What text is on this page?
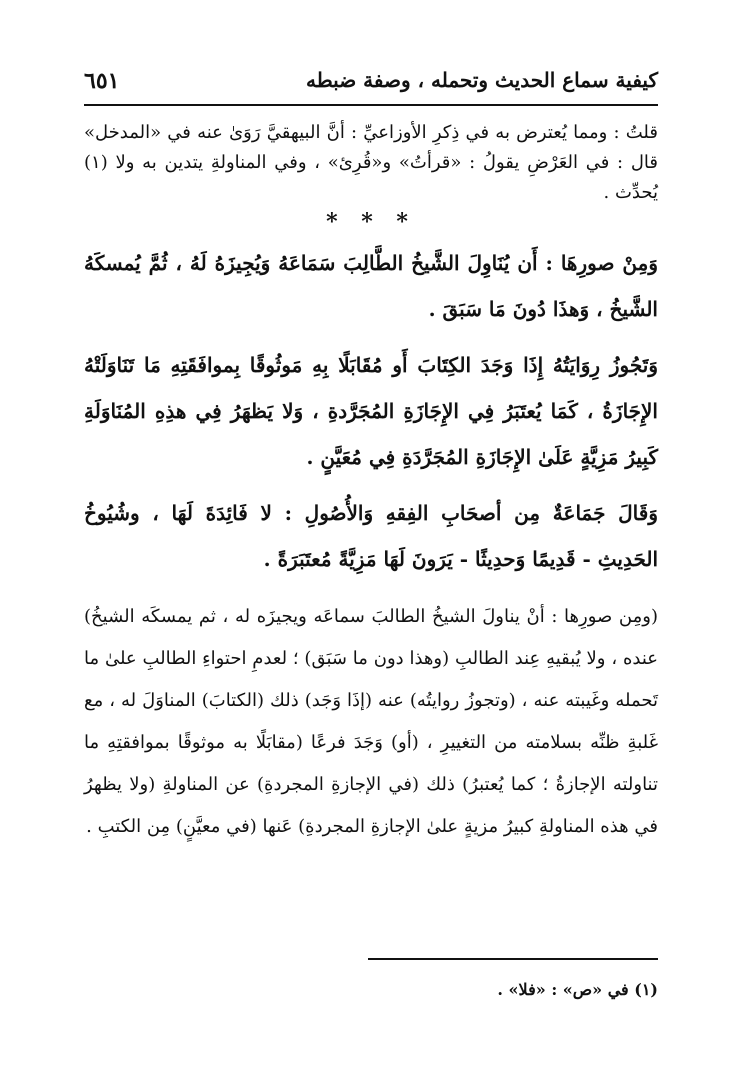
كيفية سماع الحديث وتحمله ، وصفة ضبطه
٦٥١

قلتُ : ومما يُعترض به في ذِكرِ الأوزاعيِّ : أنَّ البيهقيَّ رَوَىٰ عنه في «المدخل» قال : في العَرْضِ يقولُ : «قرأتُ» و«قُرِئ» ، وفي المناولةِ يتدين به ولا (١) يُحدِّث .

* * *

وَمِنْ صورِهَا : أَن يُنَاوِلَ الشَّيخُ الطَّالِبَ سَمَاعَهُ وَيُجِيزَهُ لَهُ ، ثُمَّ يُمسكَهُ الشَّيخُ ، وَهذَا دُونَ مَا سَبَقَ .

وَتَجُوزُ رِوَايَتُهُ إِذَا وَجَدَ الكِتَابَ أَو مُقَابَلًا بِهِ مَوثُوقًا بِموافَقَتِهِ مَا تَنَاوَلَتْهُ الإِجَازَةُ ، كَمَا يُعتَبَرُ فِي الإِجَازَةِ المُجَرَّدةِ ، وَلا يَظهَرُ فِي هذِهِ المُنَاوَلَةِ كَبِيرُ مَزِيَّةٍ عَلَىٰ الإِجَازَةِ المُجَرَّدَةِ فِي مُعَيَّنٍ .

وَقَالَ جَمَاعَةٌ مِن أصحَابِ الفِقهِ وَالأُصُولِ : لا فَائِدَةَ لَهَا ، وشُيُوخُ الحَدِيثِ - قَدِيمًا وَحدِيثًا - يَرَونَ لَهَا مَزِيَّةً مُعتَبَرَةً .

(ومِن صورِها : أنْ يناولَ الشيخُ الطالبَ سماعَه ويجيزَه له ، ثم يمسكَه الشيخُ) عنده ، ولا يُبقيهِ عِند الطالبِ (وهذا دون ما سَبَق) ؛ لعدمِ احتواءِ الطالبِ علىٰ ما تَحمله وغَيبته عنه ، (وتجوزُ روايتُه) عنه (إذَا وَجَد) ذلك (الكتابَ) المناوَلَ له ، مع غَلبةِ ظنِّه بسلامته من التغييرِ ، (أو) وَجَدَ فرعًا (مقابَلًا به موثوقًا بموافقتِهِ ما تناولته الإجازةُ ؛ كما يُعتبرُ) ذلك (في الإجازةِ المجردةِ) عن المناولةِ (ولا يظهرُ في هذه المناولةِ كبيرُ مزيةٍ علىٰ الإجازةِ المجردةِ) عَنها (في معيَّنٍ) مِن الكتبِ .

(١) في «ص» : «فلا» .
